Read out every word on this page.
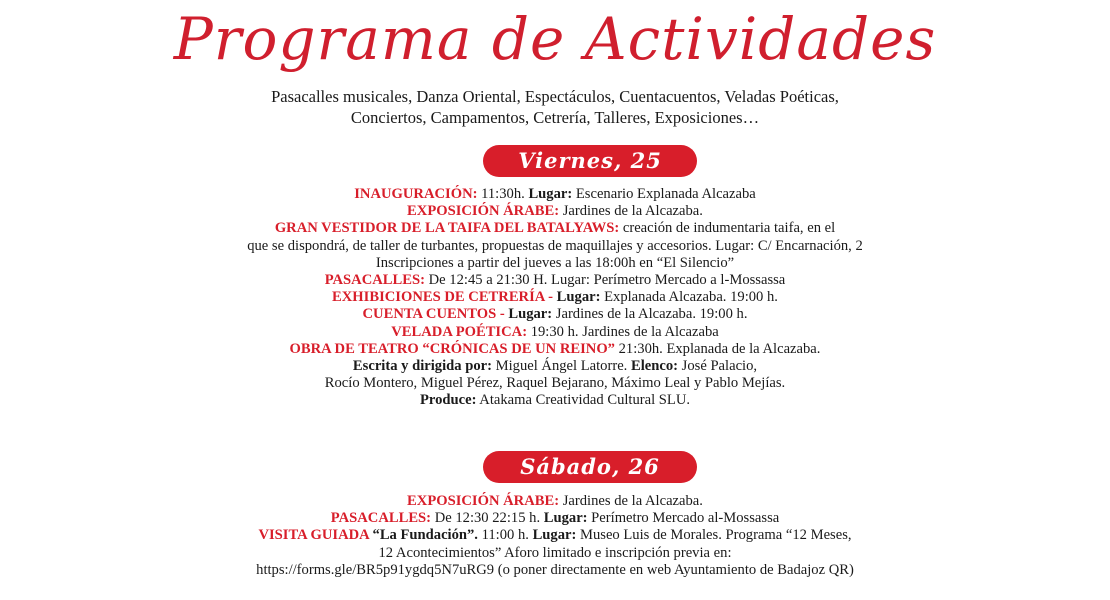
Programa de Actividades
Pasacalles musicales, Danza Oriental, Espectáculos, Cuentacuentos, Veladas Poéticas,
Conciertos, Campamentos, Cetrería, Talleres, Exposiciones…
Viernes, 25
INAUGURACIÓN: 11:30h. Lugar: Escenario Explanada Alcazaba
EXPOSICIÓN ÁRABE: Jardines de la Alcazaba.
GRAN VESTIDOR DE LA TAIFA DEL BATALYAWS: creación de indumentaria taifa, en el
que se dispondrá, de taller de turbantes, propuestas de maquillajes y accesorios. Lugar: C/ Encarnación, 2
Inscripciones a partir del jueves a las 18:00h en “El Silencio”
PASACALLES: De 12:45 a 21:30 H. Lugar: Perímetro Mercado a l-Mossassa
EXHIBICIONES DE CETRERÍA - Lugar: Explanada Alcazaba. 19:00 h.
CUENTA CUENTOS - Lugar: Jardines de la Alcazaba. 19:00 h.
VELADA POÉTICA: 19:30 h. Jardines de la Alcazaba
OBRA DE TEATRO “CRÓNICAS DE UN REINO” 21:30h. Explanada de la Alcazaba.
Escrita y dirigida por: Miguel Ángel Latorre. Elenco: José Palacio,
Rocío Montero, Miguel Pérez, Raquel Bejarano, Máximo Leal y Pablo Mejías.
Produce: Atakama Creatividad Cultural SLU.
Sábado, 26
EXPOSICIÓN ÁRABE: Jardines de la Alcazaba.
PASACALLES: De 12:30 22:15 h. Lugar: Perímetro Mercado al-Mossassa
VISITA GUIADA “La Fundación”. 11:00 h. Lugar: Museo Luis de Morales. Programa “12 Meses,
12 Acontecimientos” Aforo limitado e inscripción previa en:
https://forms.gle/BR5p91ygdq5N7uRG9 (o poner directamente en web Ayuntamiento de Badajoz QR)
